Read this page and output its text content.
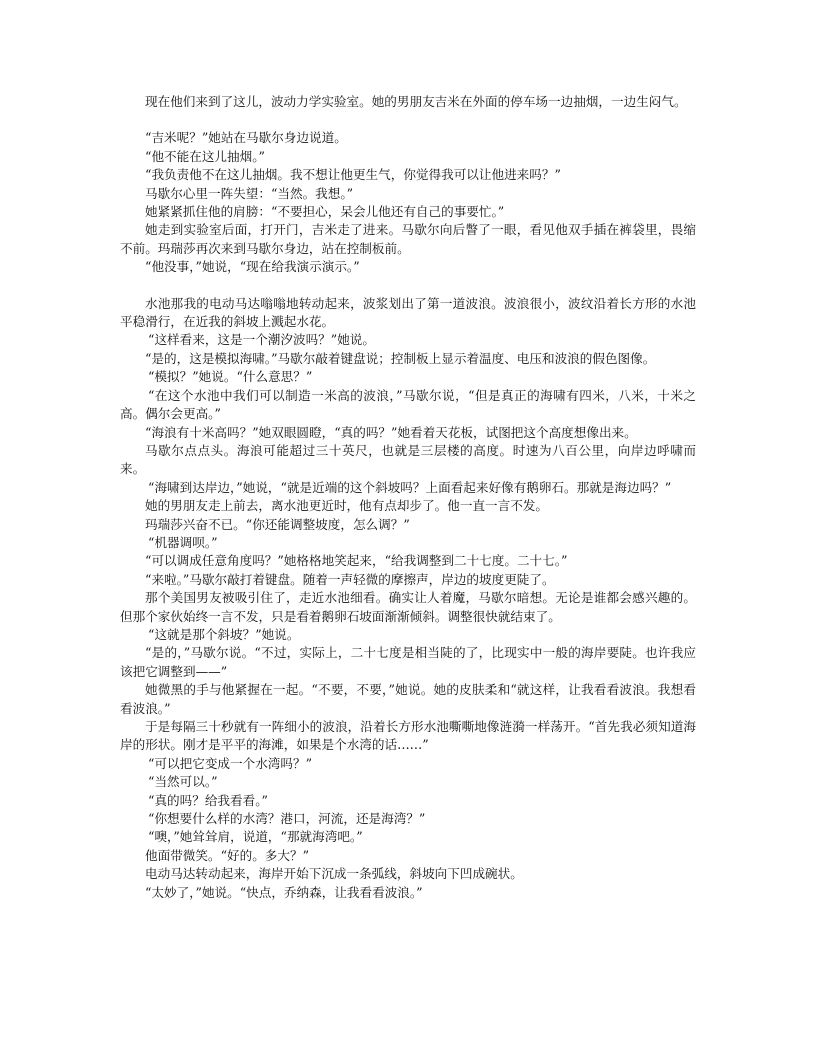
现在他们来到了这儿，波动力学实验室。她的男朋友吉米在外面的停车场一边抽烟，一边生闷气。

“吉米呢？”她站在马歇尔身边说道。

“他不能在这儿抽烟。”

“我负责他不在这儿抽烟。我不想让他更生气，你觉得我可以让他进来吗？”

马歇尔心里一阵失望：“当然。我想。”

她紧紧抓住他的肩膀：“不要担心，呆会儿他还有自己的事要忙。”

她走到实验室后面，打开门，吉米走了进来。马歇尔向后瞥了一眼，看见他双手插在裤袋里，畏缩不前。玛瑞莎再次来到马歇尔身边，站在控制板前。

“他没事，”她说，“现在给我演示演示。”

水池那我的电动马达嗡嗡地转动起来，波浆划出了第一道波浪。波浪很小，波纹沿着长方形的水池平稳滑行，在近我的斜坡上溅起水花。

“这样看来，这是一个潮汐波吗？”她说。

“是的，这是模拟海啸。”马歇尔敲着键盘说；控制板上显示着温度、电压和波浪的假色图像。

“模拟？”她说。“什么意思？”

“在这个水池中我们可以制造一米高的波浪，”马歇尔说，“但是真正的海啸有四米，八米，十米之高。偶尔会更高。”

“海浪有十米高吗？”她双眼圆瞪，“真的吗？”她看着天花板，试图把这个高度想像出来。

马歇尔点点头。海浪可能超过三十英尺，也就是三层楼的高度。时速为八百公里，向岸边呼啸而来。

“海啸到达岸边，”她说，“就是近端的这个斜坡吗？上面看起来好像有鹅卵石。那就是海边吗？”

她的男朋友走上前去，离水池更近时，他有点却步了。他一直一言不发。

玛瑞莎兴奋不已。“你还能调整坡度，怎么调？”

“机器调呗。”

“可以调成任意角度吗？”她格格地笑起来，“给我调整到二十七度。二十七。”

“来啦。”马歇尔敲打着键盘。随着一声轻微的摩擦声，岸边的坡度更陡了。

那个美国男友被吸引住了，走近水池细看。确实让人着魔，马歇尔暗想。无论是谁都会感兴趣的。但那个家伙始终一言不发，只是看着鹅卵石坡面渐渐倾斜。调整很快就结束了。

“这就是那个斜坡？”她说。

“是的，”马歇尔说。“不过，实际上，二十七度是相当陡的了，比现实中一般的海岸要陡。也许我应该把它调整到——”

她微黑的手与他紧握在一起。“不要，不要，”她说。她的皮肤柔和“就这样，让我看看波浪。我想看看波浪。”

于是每隔三十秒就有一阵细小的波浪，沿着长方形水池嘶嘶地像涟漪一样荡开。“首先我必须知道海岸的形状。刚才是平平的海滩，如果是个水湾的话……”

“可以把它变成一个水湾吗？”

“当然可以。”

“真的吗？给我看看。”

“你想要什么样的水湾？港口，河流，还是海湾？”

“噢，”她耸耸肩，说道，“那就海湾吧。”

他面带微笑。“好的。多大？”

电动马达转动起来，海岸开始下沉成一条弧线，斜坡向下凹成碗状。

“太妙了，”她说。“快点，乔纳森，让我看看波浪。”
